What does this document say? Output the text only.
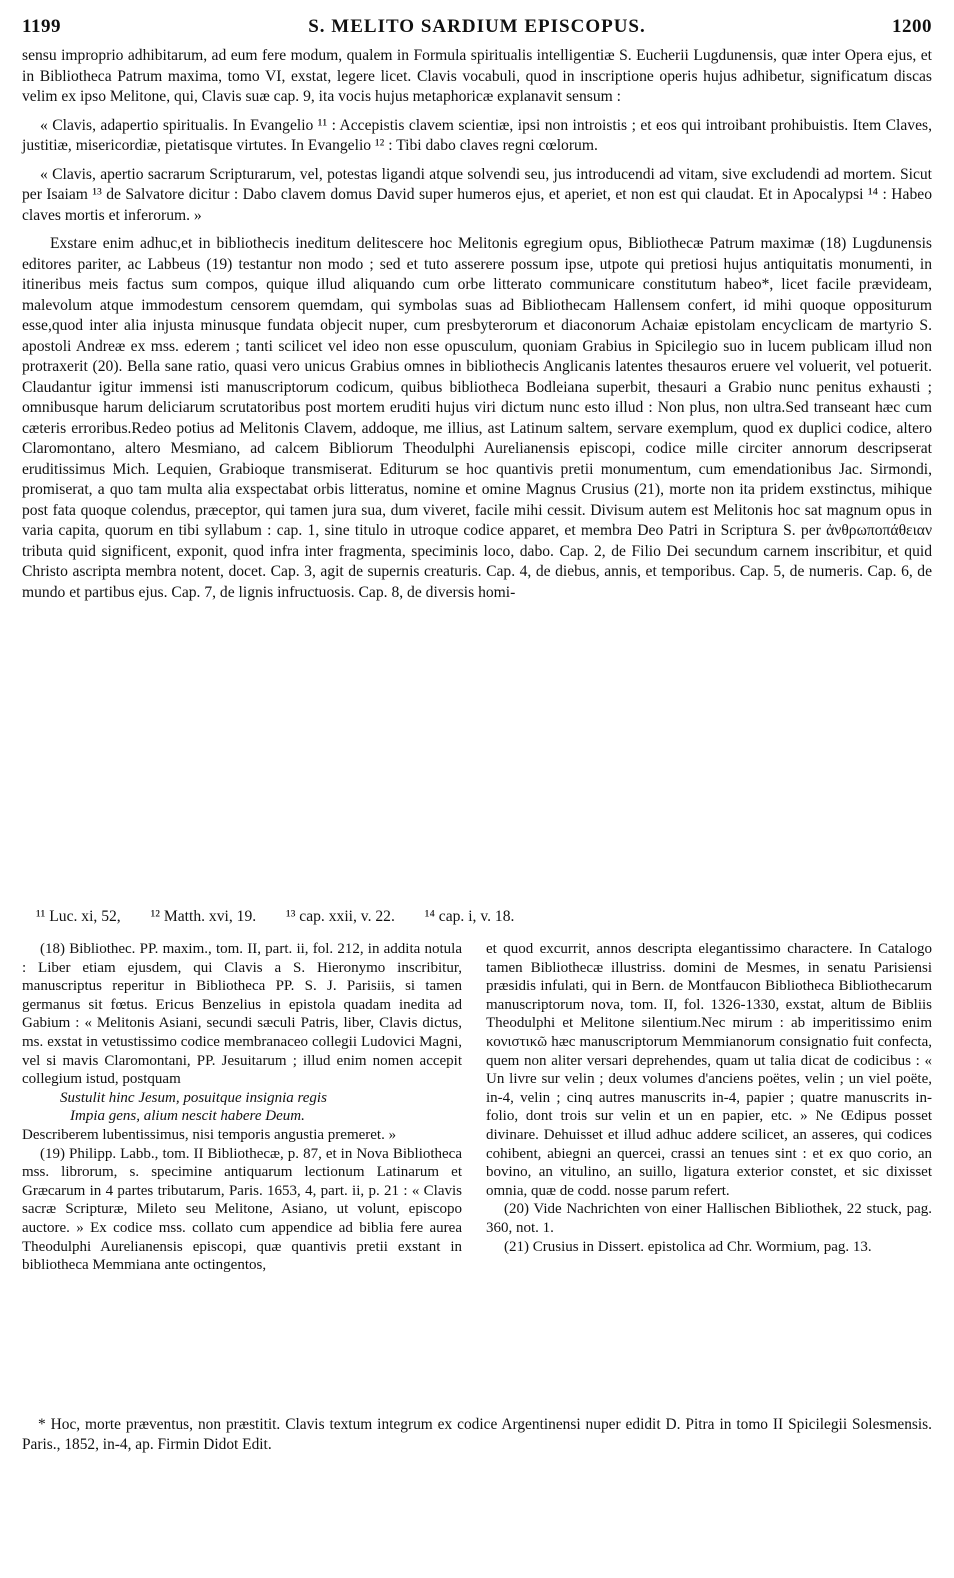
1199	S. MELITO SARDIUM EPISCOPUS.	1200

sensu improprio adhibitarum, ad eum fere modum, qualem in Formula spiritualis intelligentiæ S. Eucherii Lugdunensis, quæ inter Opera ejus, et in Bibliotheca Patrum maxima, tomo VI, exstat, legere licet. Clavis vocabuli, quod in inscriptione operis hujus adhibetur, significatum discas velim ex ipso Melitone, qui, Clavis suæ cap. 9, ita vocis hujus metaphoricæ explanavit sensum :

« Clavis, adapertio spiritualis. In Evangelio ¹¹ : Accepistis clavem scientiæ, ipsi non introistis ; et eos qui introibant prohibuistis. Item Claves, justitiæ, misericordiæ, pietatisque virtutes. In Evangelio ¹² : Tibi dabo claves regni cœlorum.

« Clavis, apertio sacrarum Scripturarum, vel, potestas ligandi atque solvendi seu, jus introducendi ad vitam, sive excludendi ad mortem. Sicut per Isaiam ¹³ de Salvatore dicitur : Dabo clavem domus David super humeros ejus, et aperiet, et non est qui claudat. Et in Apocalypsi ¹⁴ : Habeo claves mortis et inferorum. »

Exstare enim adhuc,et in bibliothecis ineditum delitescere hoc Melitonis egregium opus, Bibliothecæ Patrum maximæ (18) Lugdunensis editores pariter, ac Labbeus (19) testantur non modo ; sed et tuto asserere possum ipse, utpote qui pretiosi hujus antiquitatis monumenti, in itineribus meis factus sum compos, quique illud aliquando cum orbe litterato communicare constitutum habeo*, licet facile prævideam, malevolum atque immodestum censorem quemdam, qui symbolas suas ad Bibliothecam Hallensem confert, id mihi quoque oppositurum esse,quod inter alia injusta minusque fundata objecit nuper, cum presbyterorum et diaconorum Achaiæ epistolam encyclicam de martyrio S. apostoli Andreæ ex mss. ederem ; tanti scilicet vel ideo non esse opusculum, quoniam Grabius in Spicilegio suo in lucem publicam illud non protraxerit (20). Bella sane ratio, quasi vero unicus Grabius omnes in bibliothecis Anglicanis latentes thesauros eruere vel voluerit, vel potuerit. Claudantur igitur immensi isti manuscriptorum codicum, quibus bibliotheca Bodleiana superbit, thesauri a Grabio nunc penitus exhausti ; omnibusque harum deliciarum scrutatoribus post mortem eruditi hujus viri dictum nunc esto illud : Non plus, non ultra.Sed transeant hæc cum cæteris erroribus.Redeo potius ad Melitonis Clavem, addoque, me illius, ast Latinum saltem, servare exemplum, quod ex duplici codice, altero Claromontano, altero Mesmiano, ad calcem Bibliorum Theodulphi Aurelianensis episcopi, codice mille circiter annorum descripserat eruditissimus Mich. Lequien, Grabioque transmiserat. Editurum se hoc quantivis pretii monumentum, cum emendationibus Jac. Sirmondi, promiserat, a quo tam multa alia exspectabat orbis litteratus, nomine et omine Magnus Crusius (21), morte non ita pridem exstinctus, mihique post fata quoque colendus, præceptor, qui tamen jura sua, dum viveret, facile mihi cessit. Divisum autem est Melitonis hoc sat magnum opus in varia capita, quorum en tibi syllabum : cap. 1, sine titulo in utroque codice apparet, et membra Deo Patri in Scriptura S. per ἀνθρωποπάθειαν tributa quid significent, exponit, quod infra inter fragmenta, speciminis loco, dabo. Cap. 2, de Filio Dei secundum carnem inscribitur, et quid Christo ascripta membra notent, docet. Cap. 3, agit de supernis creaturis. Cap. 4, de diebus, annis, et temporibus. Cap. 5, de numeris. Cap. 6, de mundo et partibus ejus. Cap. 7, de lignis infructuosis. Cap. 8, de diversis homi-

¹¹ Luc. xi, 52, ¹² Matth. xvi, 19. ¹³ cap. xxii, v. 22. ¹⁴ cap. i, v. 18.

(18) Bibliothec. PP. maxim., tom. II, part. ii, fol. 212, in addita notula : Liber etiam ejusdem, qui Clavis a S. Hieronymo inscribitur, manuscriptus reperitur in Bibliotheca PP. S. J. Parisiis, si tamen germanus sit fœtus. Ericus Benzelius in epistola quadam inedita ad Gabium : « Melitonis Asiani, secundi sæculi Patris, liber, Clavis dictus, ms. exstat in vetustissimo codice membranaceo collegii Ludovici Magni, vel si mavis Claromontani, PP. Jesuitarum ; illud enim nomen accepit collegium istud, postquam

Sustulit hinc Jesum, posuitque insignia regis

Impia gens, alium nescit habere Deum.

Describerem lubentissimus, nisi temporis angustia premeret. »

(19) Philipp. Labb., tom. II Bibliothecæ, p. 87, et in Nova Bibliotheca mss. librorum, s. specimine antiquarum lectionum Latinarum et Græcarum in 4 partes tributarum, Paris. 1653, 4, part. ii, p. 21 : « Clavis sacræ Scripturæ, Mileto seu Melitone, Asiano, ut volunt, episcopo auctore. » Ex codice mss. collato cum appendice ad biblia fere aurea Theodulphi Aurelianensis episcopi, quæ quantivis pretii exstant in bibliotheca Memmiana ante octingentos,

et quod excurrit, annos descripta elegantissimo charactere. In Catalogo tamen Bibliothecæ illustriss. domini de Mesmes, in senatu Parisiensi præsidis infulati, qui in Bern. de Montfaucon Bibliotheca Bibliothecarum manuscriptorum nova, tom. II, fol. 1326-1330, exstat, altum de Bibliis Theodulphi et Melitone silentium.Nec mirum : ab imperitissimo enim κονιστικῶ hæc manuscriptorum Memmianorum consignatio fuit confecta, quem non aliter versari deprehendes, quam ut talia dicat de codicibus : « Un livre sur velin ; deux volumes d'anciens poëtes, velin ; un viel poëte, in-4, velin ; cinq autres manuscrits in-4, papier ; quatre manuscrits in-folio, dont trois sur velin et un en papier, etc. » Ne Œdipus posset divinare. Dehuisset et illud adhuc addere scilicet, an asseres, qui codices cohibent, abiegni an quercei, crassi an tenues sint : et ex quo corio, an bovino, an vitulino, an suillo, ligatura exterior constet, et sic dixisset omnia, quæ de codd. nosse parum refert.

(20) Vide Nachrichten von einer Hallischen Bibliothek, 22 stuck, pag. 360, not. 1.

(21) Crusius in Dissert. epistolica ad Chr. Wormium, pag. 13.

* Hoc, morte præventus, non præstitit. Clavis textum integrum ex codice Argentinensi nuper edidit D. Pitra in tomo II Spicilegii Solesmensis. Paris., 1852, in-4, ap. Firmin Didot Edit.
